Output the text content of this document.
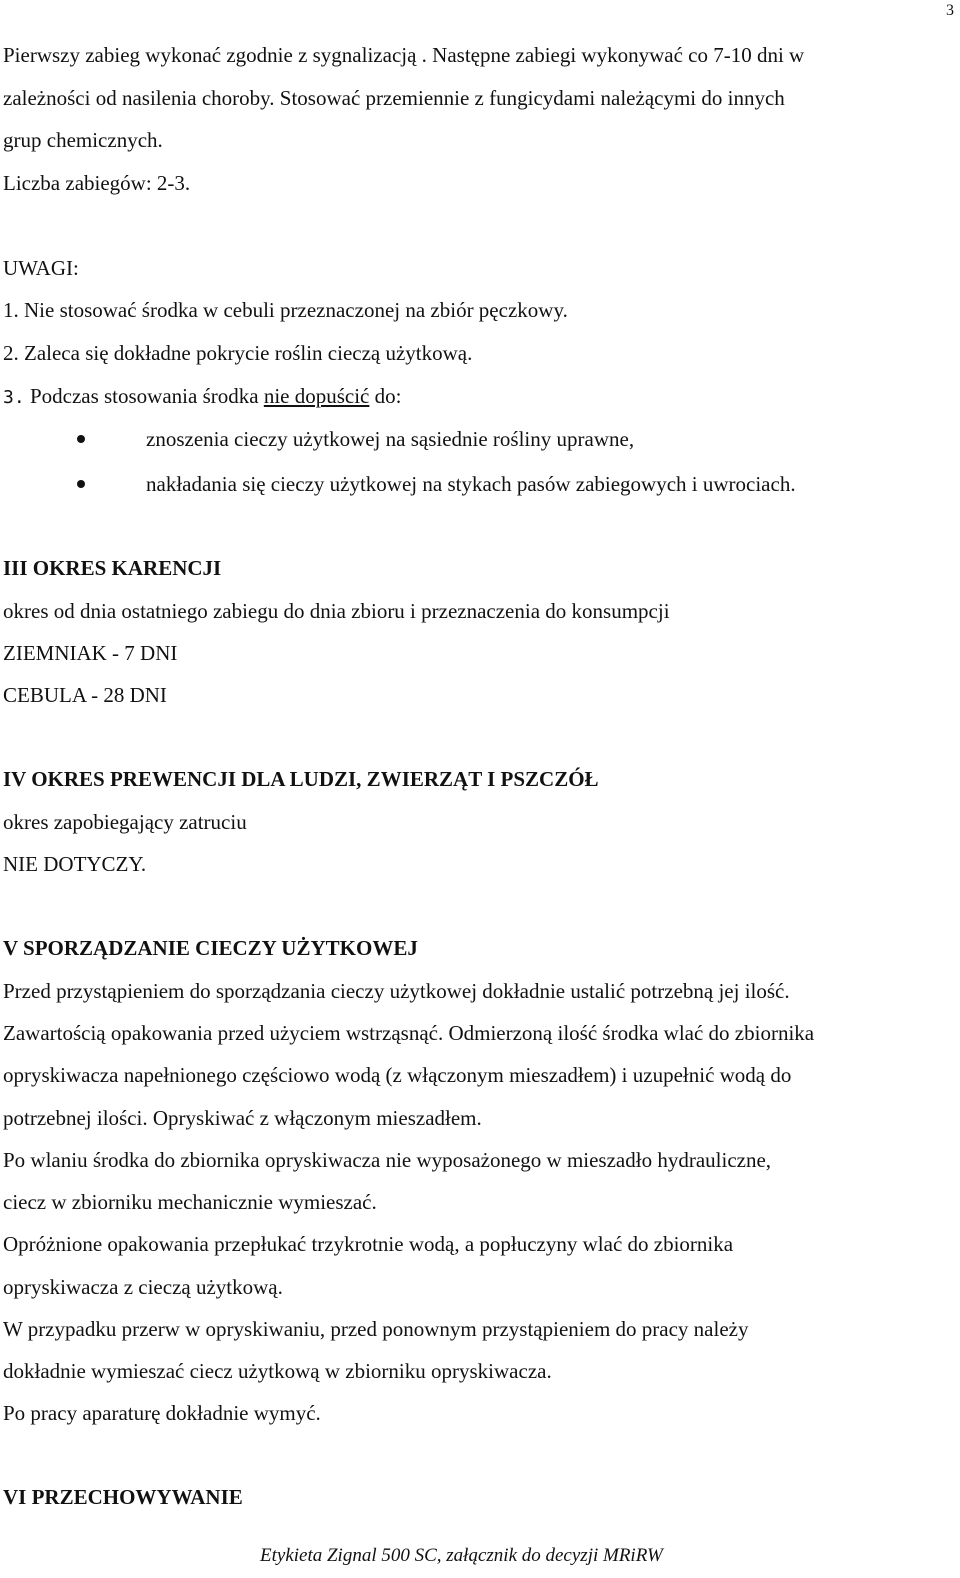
3
Pierwszy zabieg wykonać zgodnie z sygnalizacją . Następne zabiegi wykonywać co 7-10 dni w
zależności od nasilenia choroby. Stosować przemiennie z fungicydami należącymi do innych
grup chemicznych.
Liczba zabiegów: 2-3.
UWAGI:
1. Nie stosować środka w cebuli przeznaczonej na zbiór pęczkowy.
2. Zaleca się dokładne pokrycie roślin cieczą użytkową.
3. Podczas stosowania środka nie dopuścić do:
znoszenia cieczy użytkowej na sąsiednie rośliny uprawne,
nakładania się cieczy użytkowej na stykach pasów zabiegowych i uwrociach.
III OKRES KARENCJI
okres od dnia ostatniego zabiegu do dnia zbioru i przeznaczenia do konsumpcji
ZIEMNIAK - 7 DNI
CEBULA - 28 DNI
IV OKRES PREWENCJI DLA LUDZI, ZWIERZĄT I PSZCZÓŁ
okres zapobiegający zatruciu
NIE DOTYCZY.
V SPORZĄDZANIE CIECZY UŻYTKOWEJ
Przed przystąpieniem do sporządzania cieczy użytkowej dokładnie ustalić potrzebną jej ilość.
Zawartością opakowania przed użyciem wstrząsnąć. Odmierzoną ilość środka wlać do zbiornika
opryskiwacza napełnionego częściowo wodą (z włączonym mieszadłem) i uzupełnić wodą do
potrzebnej ilości. Opryskiwać z włączonym mieszadłem.
Po wlaniu środka do zbiornika opryskiwacza nie wyposażonego w mieszadło hydrauliczne,
ciecz w zbiorniku mechanicznie wymieszać.
Opróżnione opakowania przepłukać trzykrotnie wodą, a popłuczyny wlać do zbiornika
opryskiwacza z cieczą użytkową.
W przypadku przerw w opryskiwaniu, przed ponownym przystąpieniem do pracy należy
dokładnie wymieszać ciecz użytkową w zbiorniku opryskiwacza.
Po pracy aparaturę dokładnie wymyć.
VI PRZECHOWYWANIE
Etykieta Zignal 500 SC, załącznik do decyzji MRiRW
